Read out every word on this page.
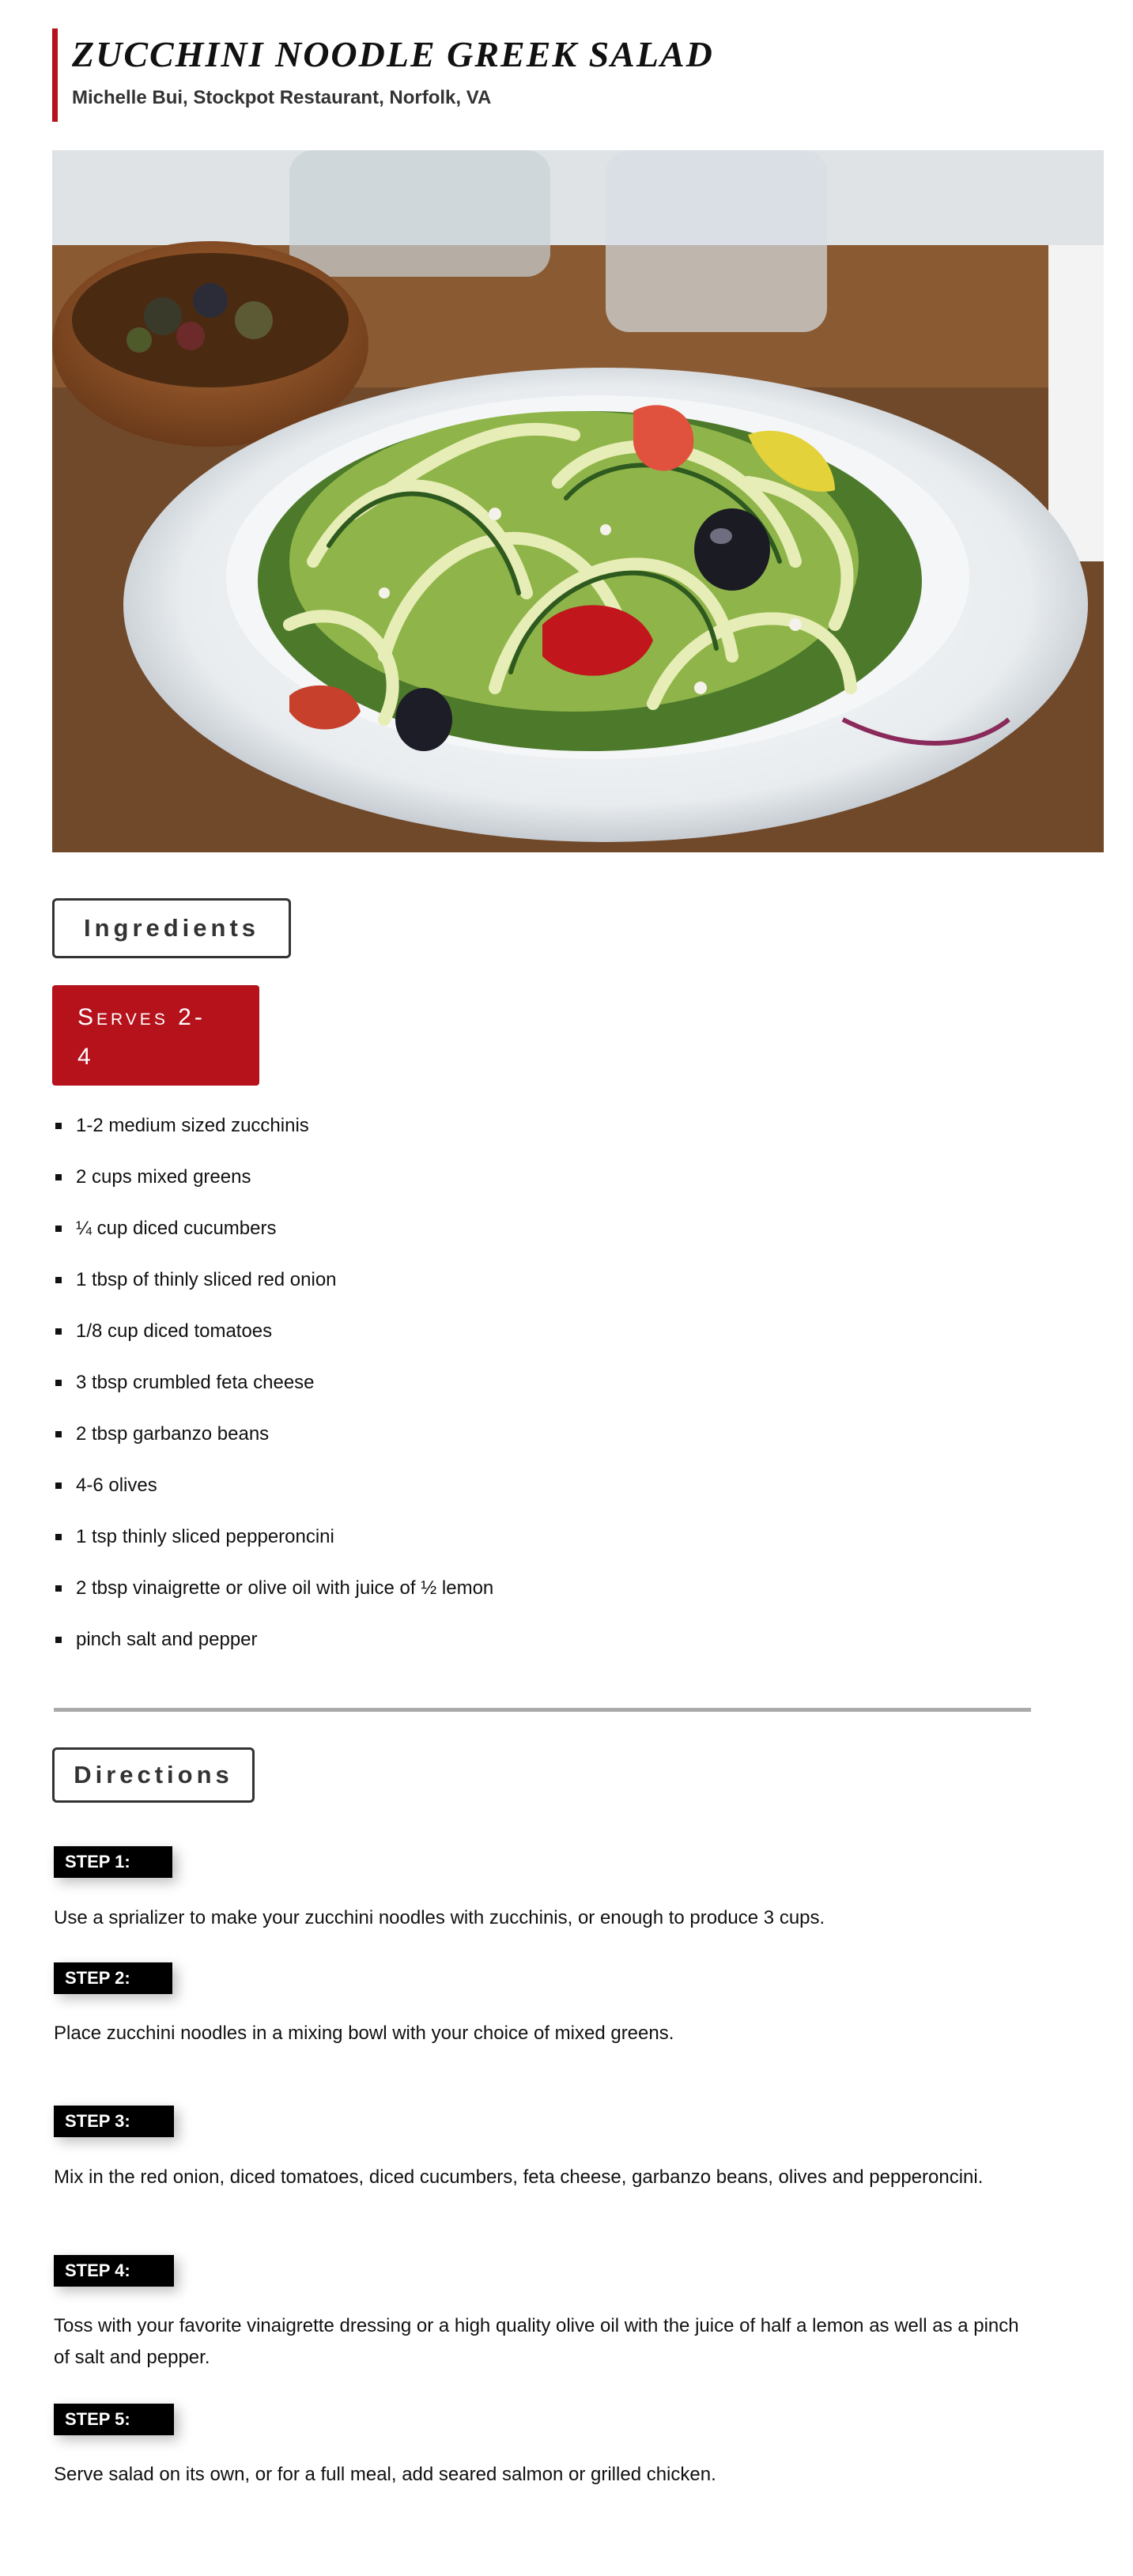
ZUCCHINI NOODLE GREEK SALAD
Michelle Bui, Stockpot Restaurant, Norfolk, VA
Ingredients
Serves 2-
4
1-2 medium sized zucchinis
2 cups mixed greens
¼ cup diced cucumbers
1 tbsp of thinly sliced red onion
1/8 cup diced tomatoes
3 tbsp crumbled feta cheese
2 tbsp garbanzo beans
4-6 olives
1 tsp thinly sliced pepperoncini
2 tbsp vinaigrette or olive oil with juice of ½ lemon
pinch salt and pepper
Directions
STEP 1:
Use a sprializer to make your zucchini noodles with zucchinis, or enough to produce 3 cups.
STEP 2:
Place zucchini noodles in a mixing bowl with your choice of mixed greens.
STEP 3:
Mix in the red onion, diced tomatoes, diced cucumbers, feta cheese, garbanzo beans, olives and pepperoncini.
STEP 4:
Toss with your favorite vinaigrette dressing or a high quality olive oil with the juice of half a lemon as well as a pinch of salt and pepper.
STEP 5:
Serve salad on its own, or for a full meal, add seared salmon or grilled chicken.
